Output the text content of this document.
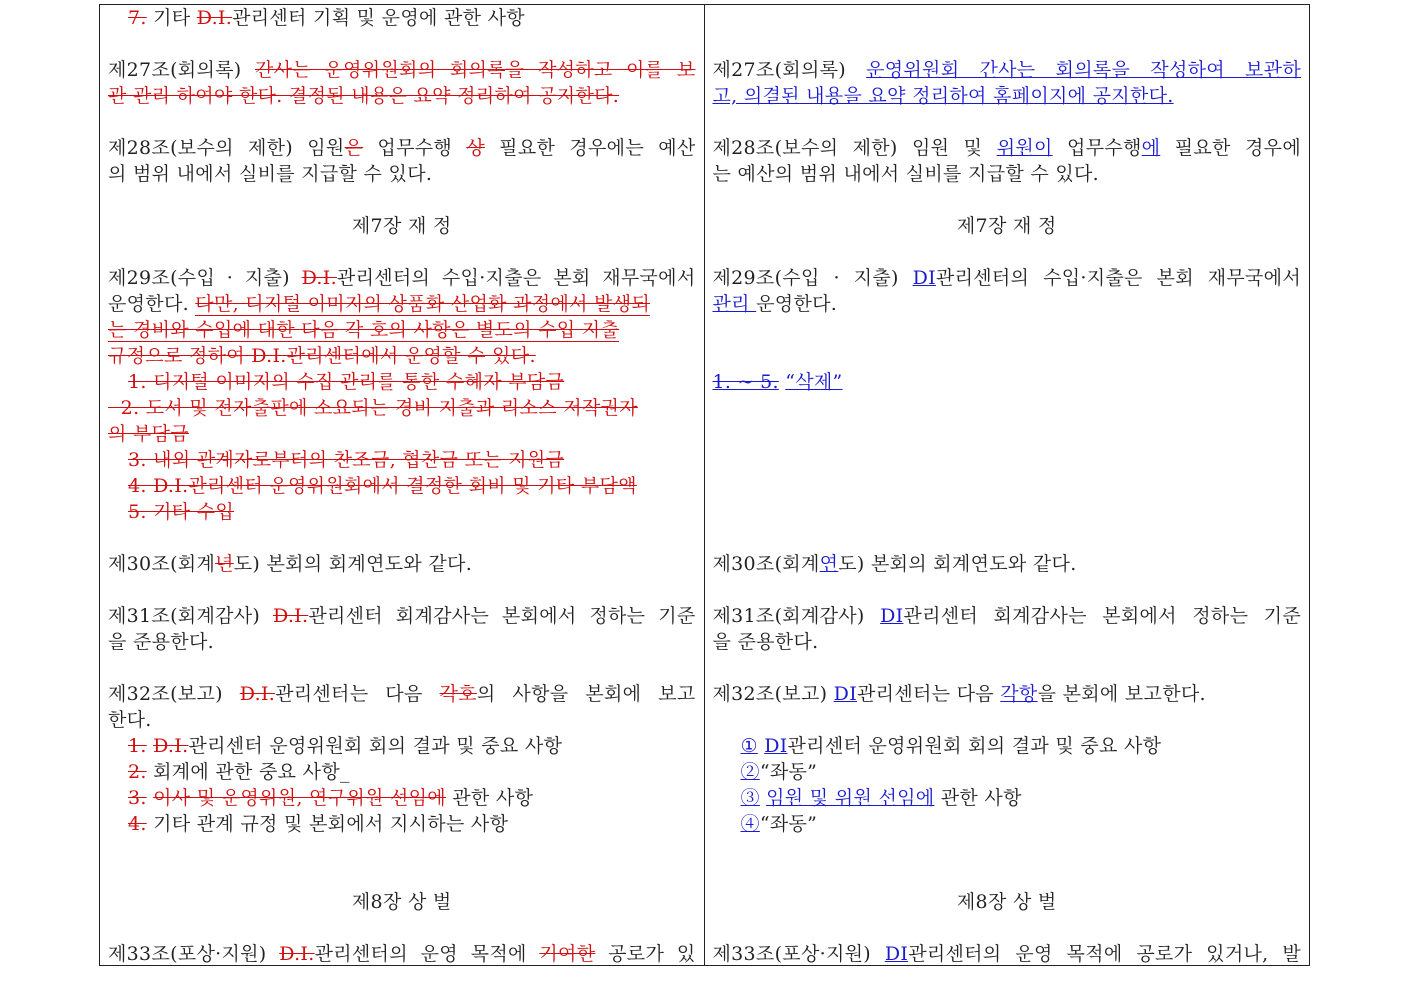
7. 기타 D.I.관리센터 기획 및 운영에 관한 사항
제27조(회의록) 간사는 운영위원회의 회의록을 작성하고 이를 보
관 관리 하여야 한다. 결정된 내용은 요약 정리하여 공지한다.
제28조(보수의 제한) 임원은 업무수행 상 필요한 경우에는 예산
의 범위 내에서 실비를 지급할 수 있다.
제7장 재 정
제29조(수입 · 지출) D.I.관리센터의 수입·지출은 본회 재무국에서
운영한다. 다만, 디지털 이미지의 상품화 산업화 과정에서 발생되
는 경비와 수입에 대한 다음 각 호의 사항은 별도의 수입 지출
규정으로 정하여 D.I.관리센터에서 운영할 수 있다.
1. 디지털 이미지의 수집 관리를 통한 수혜자 부담금
2. 도서 및 전자출판에 소요되는 경비 지출과 리소스 저작권자
의 부담금
3. 내외 관계자로부터의 찬조금, 협찬금 또는 지원금
4. D.I.관리센터 운영위원회에서 결정한 회비 및 기타 부담액
5. 기타 수입
제30조(회계년도) 본회의 회계연도와 같다.
제31조(회계감사) D.I.관리센터 회계감사는 본회에서 정하는 기준
을 준용한다.
제32조(보고) D.I.관리센터는 다음 각호의 사항을 본회에 보고
한다.
1. D.I.관리센터 운영위원회 회의 결과 및 중요 사항
2. 회계에 관한 중요 사항_
3. 이사 및 운영위원, 연구위원 선임에 관한 사항
4. 기타 관계 규정 및 본회에서 지시하는 사항
제8장 상 벌
제33조(포상·지원) D.I.관리센터의 운영 목적에 기여한 공로가 있
제27조(회의록) 운영위원회 간사는 회의록을 작성하여 보관하
고, 의결된 내용을 요약 정리하여 홈페이지에 공지한다.
제28조(보수의 제한) 임원 및 위원이 업무수행에 필요한 경우에
는 예산의 범위 내에서 실비를 지급할 수 있다.
제7장 재 정
제29조(수입 · 지출) DI관리센터의 수입·지출은 본회 재무국에서
관리 운영한다.
1. ~ 5. “삭제”
제30조(회계연도) 본회의 회계연도와 같다.
제31조(회계감사) DI관리센터 회계감사는 본회에서 정하는 기준
을 준용한다.
제32조(보고) DI관리센터는 다음 각항을 본회에 보고한다.
① DI관리센터 운영위원회 회의 결과 및 중요 사항
②“좌동”
③ 임원 및 위원 선임에 관한 사항
④“좌동”
제8장 상 벌
제33조(포상·지원) DI관리센터의 운영 목적에 공로가 있거나, 발
